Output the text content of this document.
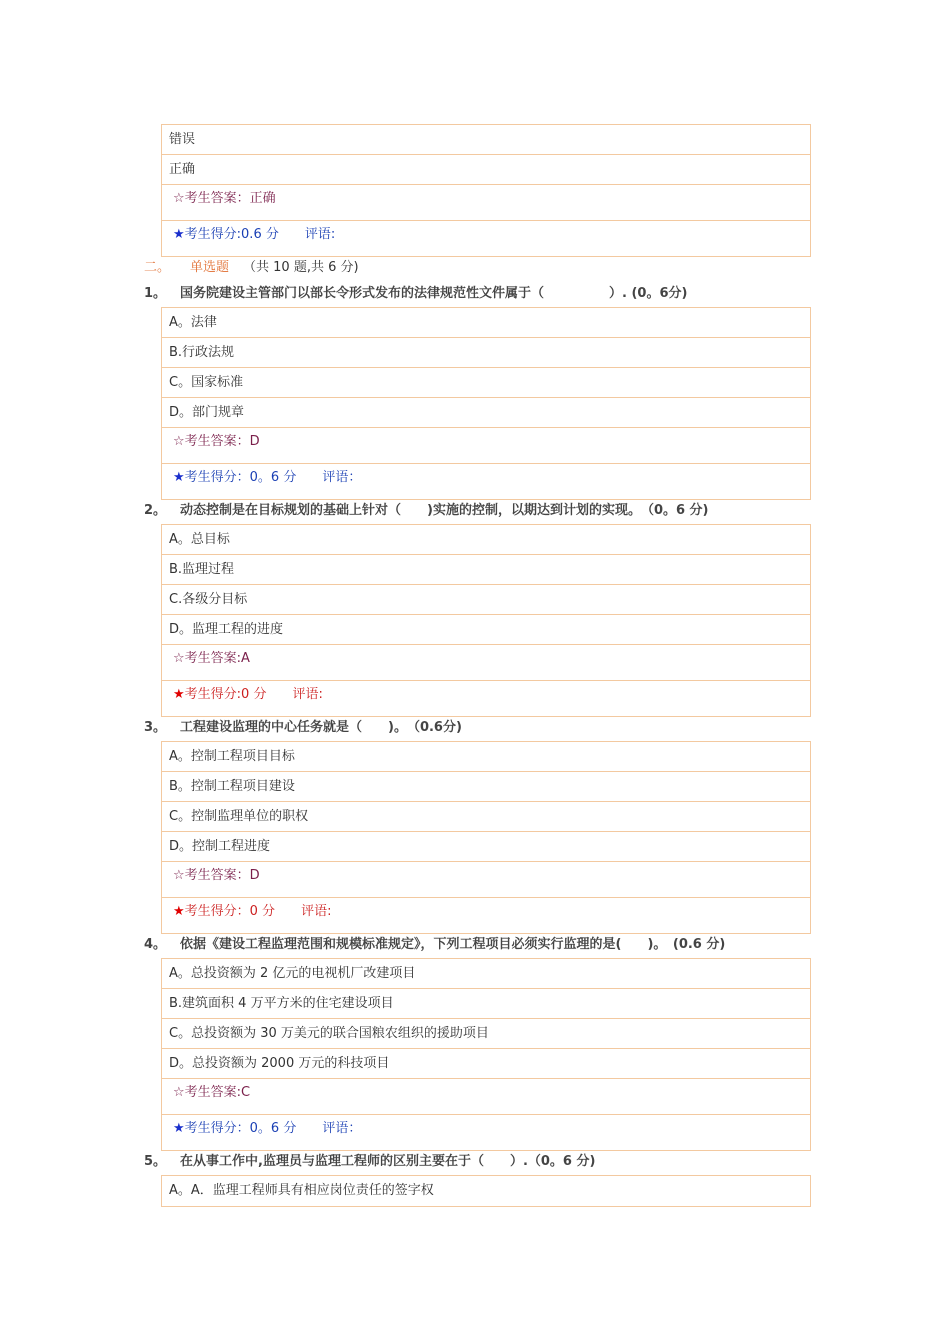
错误
正确
☆考生答案：正确
★考生得分:0.6 分 评语:
二。 单选题 （共 10 题,共 6 分)
1。 国务院建设主管部门以部长令形式发布的法律规范性文件属于（　　　　　）. (0。6分)
A。法律
B.行政法规
C。国家标准
D。部门规章
☆考生答案：D
★考生得分：0。6 分 评语：
2。 动态控制是在目标规划的基础上针对（　　)实施的控制，以期达到计划的实现。　（0。6 分)
A。总目标
B.监理过程
C.各级分目标
D。监理工程的进度
☆考生答案:A
★考生得分:0 分 评语:
3。 工程建设监理的中心任务就是（　　)。　（0.6分)
A。控制工程项目目标
B。控制工程项目建设
C。控制监理单位的职权
D。控制工程进度
☆考生答案：D
★考生得分：0 分 评语:
4。 依据《建设工程监理范围和规模标准规定》，下列工程项目必须实行监理的是(　　)。　(0.6 分)
A。总投资额为 2 亿元的电视机厂改建项目
B.建筑面积 4 万平方米的住宅建设项目
C。总投资额为 30 万美元的联合国粮农组织的援助项目
D。总投资额为 2000 万元的科技项目
☆考生答案:C
★考生得分：0。6 分 评语：
5。 在从事工作中,监理员与监理工程师的区别主要在于（　　）.（0。6 分)
A。A．监理工程师具有相应岗位责任的签字权
